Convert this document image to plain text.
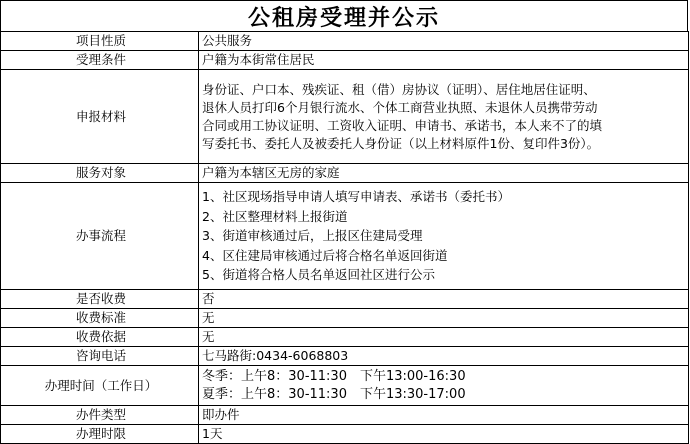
公租房受理并公示
项目性质	公共服务
受理条件	户籍为本街常住居民
申报材料	身份证、户口本、残疾证、租（借）房协议（证明）、居住地居住证明、
退休人员打印6个月银行流水、个体工商营业执照、未退休人员携带劳动
合同或用工协议证明、工资收入证明、申请书、承诺书，本人来不了的填
写委托书、委托人及被委托人身份证（以上材料原件1份、复印件3份）。

服务对象	户籍为本辖区无房的家庭
办事流程	1、社区现场指导申请人填写申请表、承诺书（委托书）
2、社区整理材料上报街道
3、街道审核通过后，上报区住建局受理
4、区住建局审核通过后将合格名单返回街道
5、街道将合格人员名单返回社区进行公示

是否收费	否
收费标准	无
收费依据	无
咨询电话	七马路街:0434-6068803
办理时间（工作日）	冬季：上午8：30-11:30　下午13:00-16:30
夏季：上午8：30-11:30　下午13:30-17:00

办件类型	即办件
办理时限	1天
